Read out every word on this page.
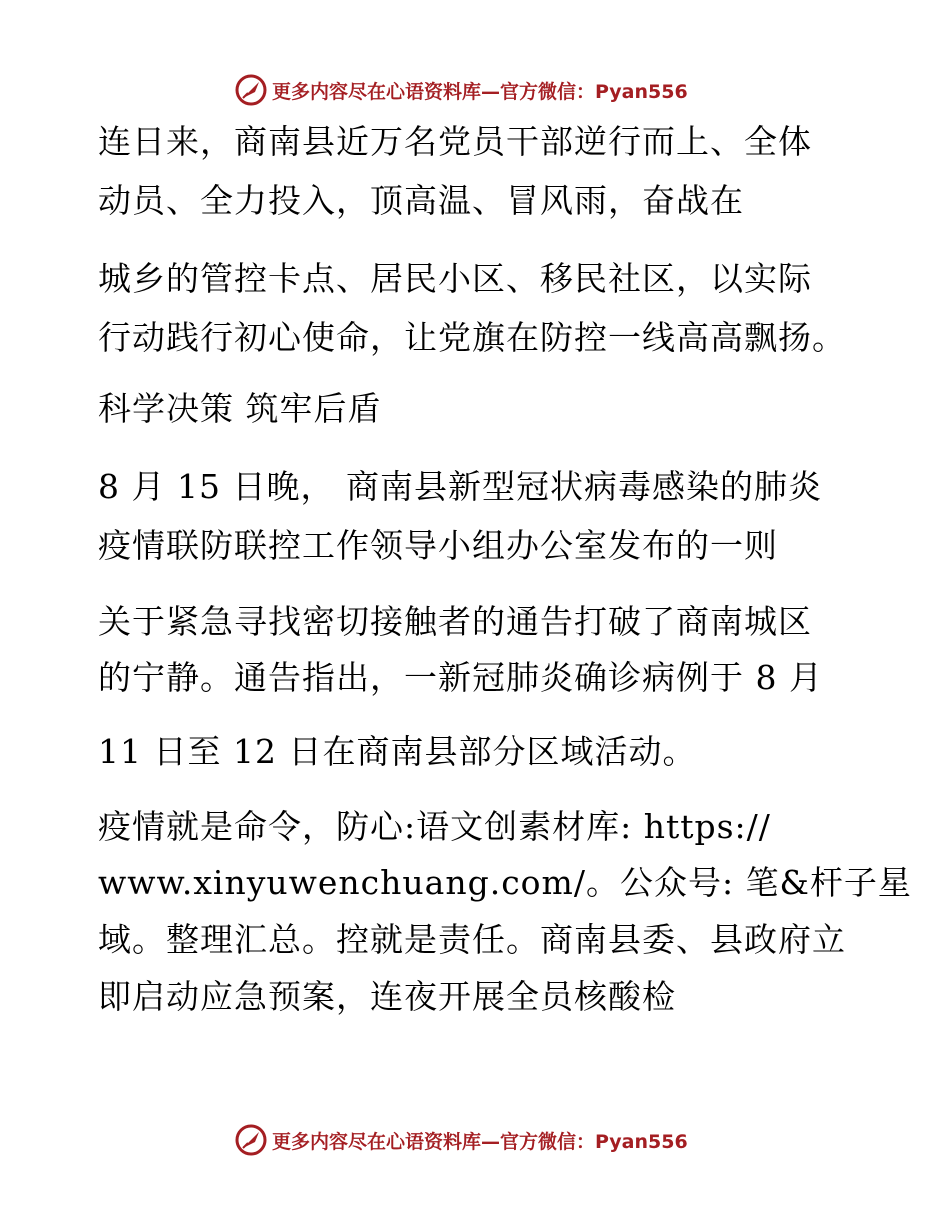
更多内容尽在心语资料库—官方微信：Pyan556
连日来，商南县近万名党员干部逆行而上、全体
动员、全力投入，顶高温、冒风雨，奋战在
城乡的管控卡点、居民小区、移民社区，以实际
行动践行初心使命，让党旗在防控一线高高飘扬。
科学决策 筑牢后盾
8 月 15 日晚， 商南县新型冠状病毒感染的肺炎
疫情联防联控工作领导小组办公室发布的一则
关于紧急寻找密切接触者的通告打破了商南城区
的宁静。通告指出，一新冠肺炎确诊病例于 8 月
11 日至 12 日在商南县部分区域活动。
疫情就是命令，防心:语文创素材库: https://
www.xinyuwenchuang.com/。公众号: 笔&杆子星
域。整理汇总。控就是责任。商南县委、县政府立
即启动应急预案，连夜开展全员核酸检
更多内容尽在心语资料库—官方微信：Pyan556
